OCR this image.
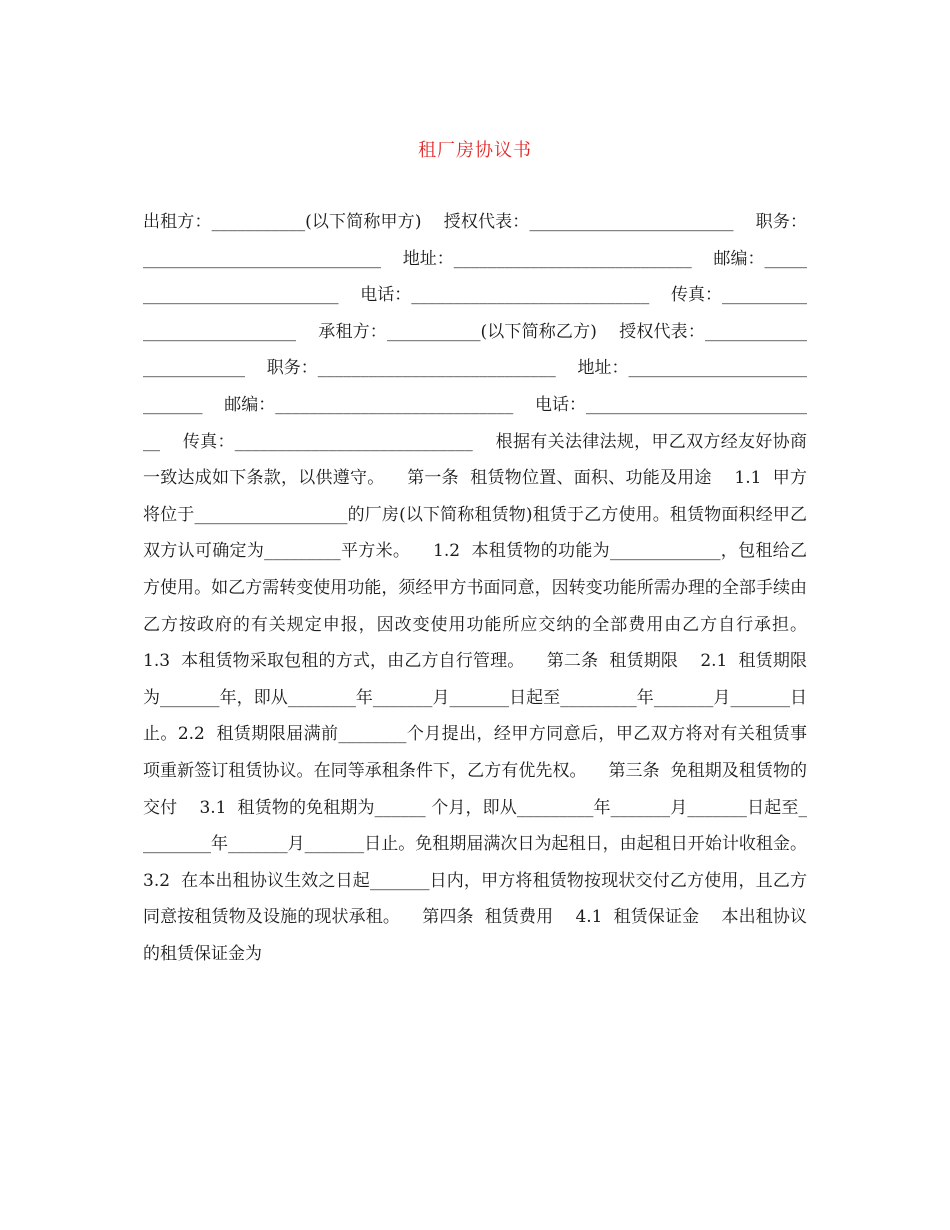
租厂房协议书
出租方：___________(以下简称甲方)    授权代表：________________________    职务：____________________________    地址：____________________________    邮编：____________________________    电话：____________________________    传真：____________________________    承租方：___________(以下简称乙方)    授权代表：________________________    职务：____________________________    地址：____________________________    邮编：____________________________    电话：____________________________    传真：____________________________    根据有关法律法规，甲乙双方经友好协商一致达成如下条款，以供遵守。    第一条  租赁物位置、面积、功能及用途    1.1  甲方将位于__________________的厂房(以下简称租赁物)租赁于乙方使用。租赁物面积经甲乙双方认可确定为_________平方米。    1.2  本租赁物的功能为_____________，包租给乙方使用。如乙方需转变使用功能，须经甲方书面同意，因转变功能所需办理的全部手续由乙方按政府的有关规定申报，因改变使用功能所应交纳的全部费用由乙方自行承担。    1.3  本租赁物采取包租的方式，由乙方自行管理。    第二条  租赁期限    2.1  租赁期限为_______年，即从________年_______月_______日起至_________年_______月_______日止。2.2  租赁期限届满前________个月提出，经甲方同意后，甲乙双方将对有关租赁事项重新签订租赁协议。在同等承租条件下，乙方有优先权。    第三条  免租期及租赁物的交付    3.1  租赁物的免租期为______ 个月，即从_________年_______月_______日起至_________年_______月_______日止。免租期届满次日为起租日，由起租日开始计收租金。    3.2  在本出租协议生效之日起_______日内，甲方将租赁物按现状交付乙方使用，且乙方同意按租赁物及设施的现状承租。    第四条  租赁费用    4.1  租赁保证金    本出租协议的租赁保证金为
